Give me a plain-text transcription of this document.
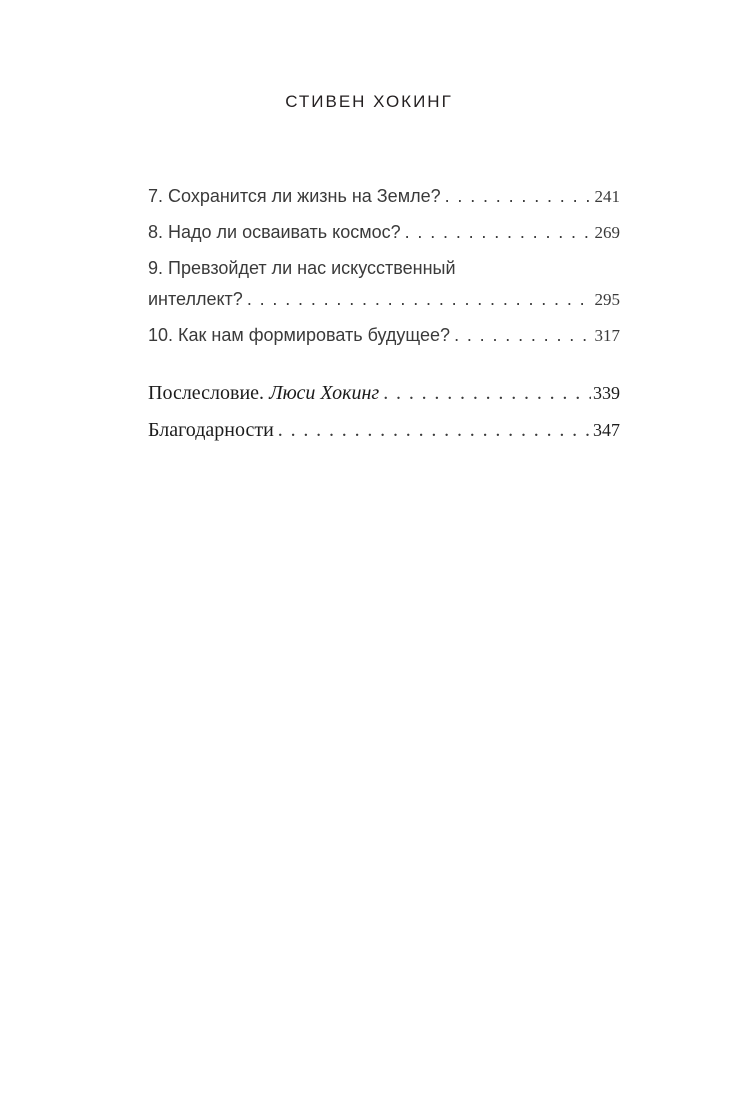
СТИВЕН ХОКИНГ
7. Сохранится ли жизнь на Земле? . . .	241
8. Надо ли осваивать космос? . . .	269
9. Превзойдет ли нас искусственный
интеллект? . . .	295
10. Как нам формировать будущее? . . .	317
Послесловие. Люси Хокинг . . .	339
Благодарности . . .	347
